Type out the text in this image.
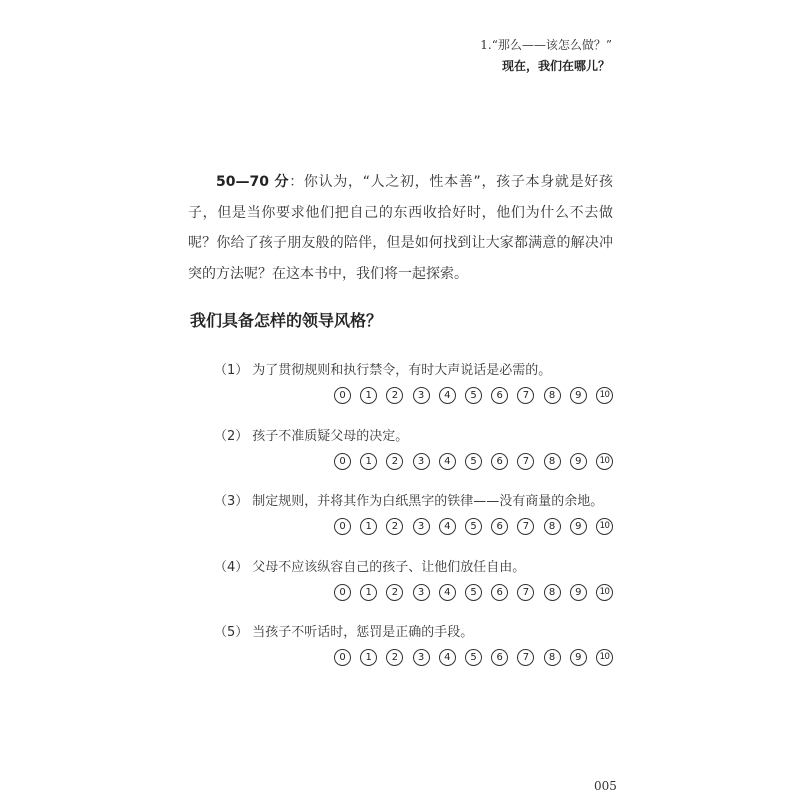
1.“那么——该怎么做？”
现在，我们在哪儿？

50—70 分：你认为，“人之初，性本善”，孩子本身就是好孩子，但是当你要求他们把自己的东西收拾好时，他们为什么不去做呢？你给了孩子朋友般的陪伴，但是如何找到让大家都满意的解决冲突的方法呢？在这本书中，我们将一起探索。

我们具备怎样的领导风格？
（1） 为了贯彻规则和执行禁令，有时大声说话是必需的。
0	1	2	3	4	5	6	7	8	9	10
（2） 孩子不准质疑父母的决定。
0	1	2	3	4	5	6	7	8	9	10
（3） 制定规则，并将其作为白纸黑字的铁律——没有商量的余地。
0	1	2	3	4	5	6	7	8	9	10
（4） 父母不应该纵容自己的孩子、让他们放任自由。
0	1	2	3	4	5	6	7	8	9	10
（5） 当孩子不听话时，惩罚是正确的手段。
0	1	2	3	4	5	6	7	8	9	10
005
